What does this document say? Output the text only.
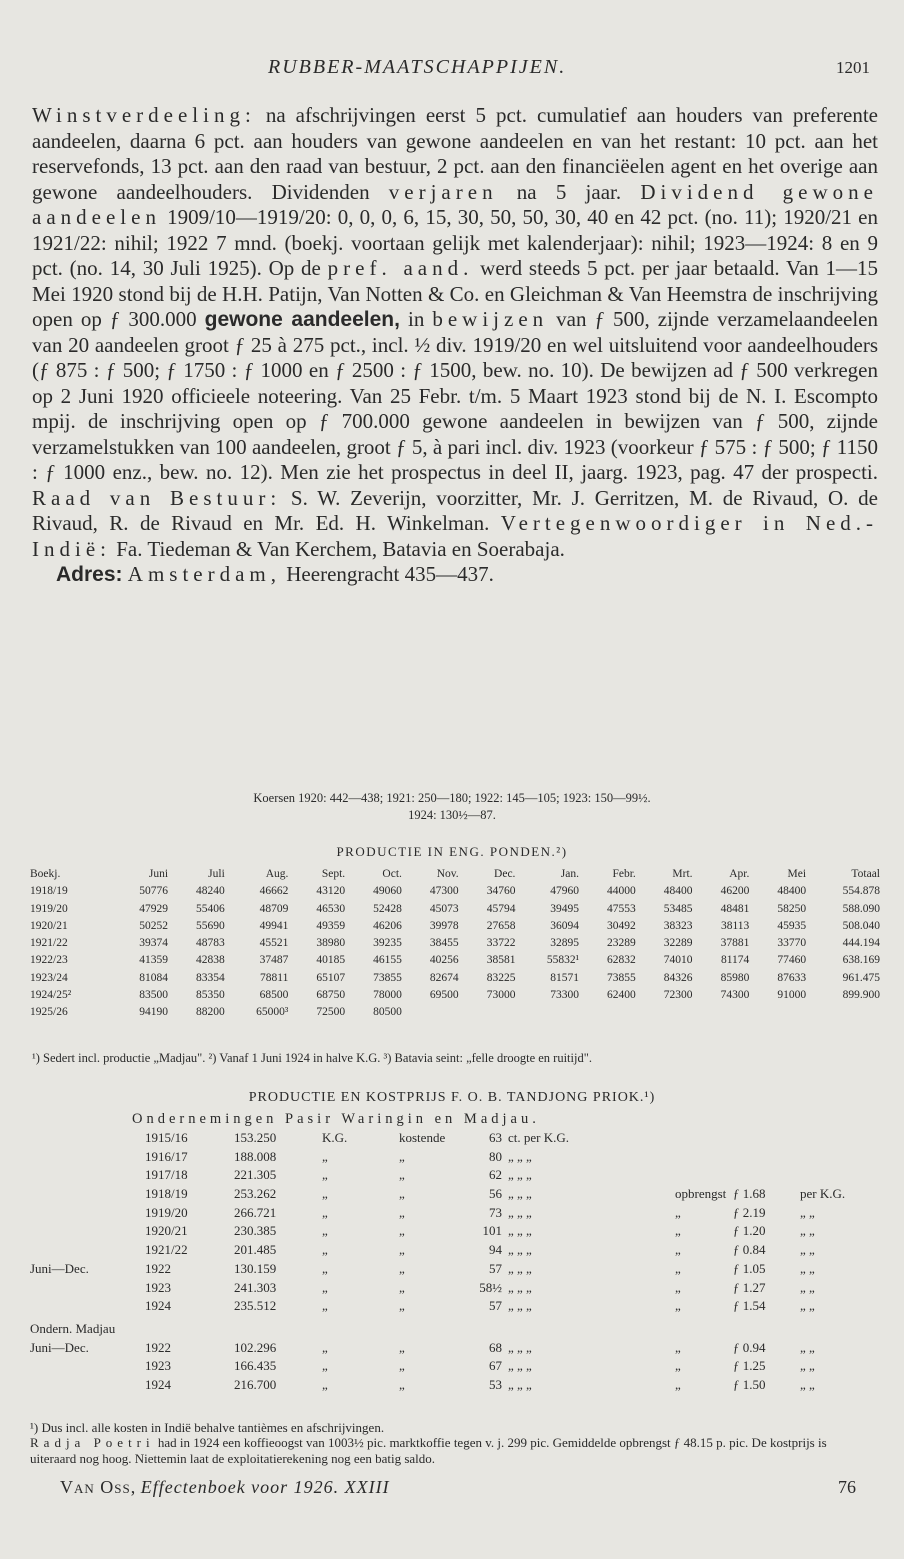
RUBBER-MAATSCHAPPIJEN.	1201

Winstverdeeling: na afschrijvingen eerst 5 pct. cumulatief aan houders van preferente aandeelen, daarna 6 pct. aan houders van gewone aandeelen en van het restant: 10 pct. aan het reservefonds, 13 pct. aan den raad van bestuur, 2 pct. aan den financiëelen agent en het overige aan gewone aandeelhouders. Dividenden verjaren na 5 jaar. Dividend gewone aandeelen 1909/10—1919/20: 0, 0, 0, 6, 15, 30, 50, 50, 30, 40 en 42 pct. (no. 11); 1920/21 en 1921/22: nihil; 1922 7 mnd. (boekj. voortaan gelijk met kalenderjaar): nihil; 1923—1924: 8 en 9 pct. (no. 14, 30 Juli 1925). Op de pref. aand. werd steeds 5 pct. per jaar betaald. Van 1—15 Mei 1920 stond bij de H.H. Patijn, Van Notten & Co. en Gleichman & Van Heemstra de inschrijving open op ƒ 300.000 gewone aandeelen, in bewijzen van ƒ 500, zijnde verzamelaandeelen van 20 aandeelen groot ƒ 25 à 275 pct., incl. ½ div. 1919/20 en wel uitsluitend voor aandeelhouders (ƒ 875 : ƒ 500; ƒ 1750 : ƒ 1000 en ƒ 2500 : ƒ 1500, bew. no. 10). De bewijzen ad ƒ 500 verkregen op 2 Juni 1920 officieele noteering. Van 25 Febr. t/m. 5 Maart 1923 stond bij de N. I. Escompto mpij. de inschrijving open op ƒ 700.000 gewone aandeelen in bewijzen van ƒ 500, zijnde verzamelstukken van 100 aandeelen, groot ƒ 5, à pari incl. div. 1923 (voorkeur ƒ 575 : ƒ 500; ƒ 1150 : ƒ 1000 enz., bew. no. 12). Men zie het prospectus in deel II, jaarg. 1923, pag. 47 der prospecti. Raad van Bestuur: S. W. Zeverijn, voorzitter, Mr. J. Gerritzen, M. de Rivaud, O. de Rivaud, R. de Rivaud en Mr. Ed. H. Winkelman. Vertegenwoordiger in Ned.-Indië: Fa. Tiedeman & Van Kerchem, Batavia en Soerabaja.

Adres: Amsterdam, Heerengracht 435—437.

Koersen 1920: 442—438; 1921: 250—180; 1922: 145—105; 1923: 150—99½.
1924: 130½—87.
PRODUCTIE IN ENG. PONDEN.²)
Boekj.	Juni	Juli	Aug.	Sept.	Oct.	Nov.	Dec.	Jan.	Febr.	Mrt.	Apr.	Mei	Totaal
1918/19	50776	48240	46662	43120	49060	47300	34760	47960	44000	48400	46200	48400	554.878
1919/20	47929	55406	48709	46530	52428	45073	45794	39495	47553	53485	48481	58250	588.090
1920/21	50252	55690	49941	49359	46206	39978	27658	36094	30492	38323	38113	45935	508.040
1921/22	39374	48783	45521	38980	39235	38455	33722	32895	23289	32289	37881	33770	444.194
1922/23	41359	42838	37487	40185	46155	40256	38581	55832¹	62832	74010	81174	77460	638.169
1923/24	81084	83354	78811	65107	73855	82674	83225	81571	73855	84326	85980	87633	961.475
1924/25²	83500	85350	68500	68750	78000	69500	73000	73300	62400	72300	74300	91000	899.900
1925/26	94190	88200	65000³	72500	80500								
¹) Sedert incl. productie „Madjau". ²) Vanaf 1 Juni 1924 in halve K.G. ³) Batavia seint: „felle droogte en ruitijd".
PRODUCTIE EN KOSTPRIJS F. O. B. TANDJONG PRIOK.¹)
Ondernemingen Pasir Waringin en Madjau.
1915/16	153.250	K.G.	kostende	63 ct. per K.G.
1916/17	188.008	„	„	80 „ „ „
1917/18	221.305	„	„	62 „ „ „
1918/19	253.262	„	„	56 „ „ „	opbrengst ƒ 1.68	per K.G.
1919/20	266.721	„	„	73 „ „ „	„	ƒ 2.19	„ „
1920/21	230.385	„	„	101 „ „ „	„	ƒ 1.20	„ „
1921/22	201.485	„	„	94 „ „ „	„	ƒ 0.84	„ „
Juni—Dec.	1922	130.159	„	„	57 „ „ „	„	ƒ 1.05	„ „
1923	241.303	„	„	58½ „ „ „	„	ƒ 1.27	„ „
1924	235.512	„	„	57 „ „ „	„	ƒ 1.54	„ „
Ondern. Madjau
Juni—Dec.	1922	102.296	„	„	68 „ „ „	„	ƒ 0.94	„ „
1923	166.435	„	„	67 „ „ „	„	ƒ 1.25	„ „
1924	216.700	„	„	53 „ „ „	„	ƒ 1.50	„ „
¹) Dus incl. alle kosten in Indië behalve tantièmes en afschrijvingen.
Radja Poetri had in 1924 een koffieoogst van 1003½ pic. marktkoffie tegen v. j. 299 pic. Gemiddelde opbrengst ƒ 48.15 p. pic. De kostprijs is uiteraard nog hoog. Niettemin laat de exploitatierekening nog een batig saldo.
Van Oss, Effectenboek voor 1926. XXIII	76
